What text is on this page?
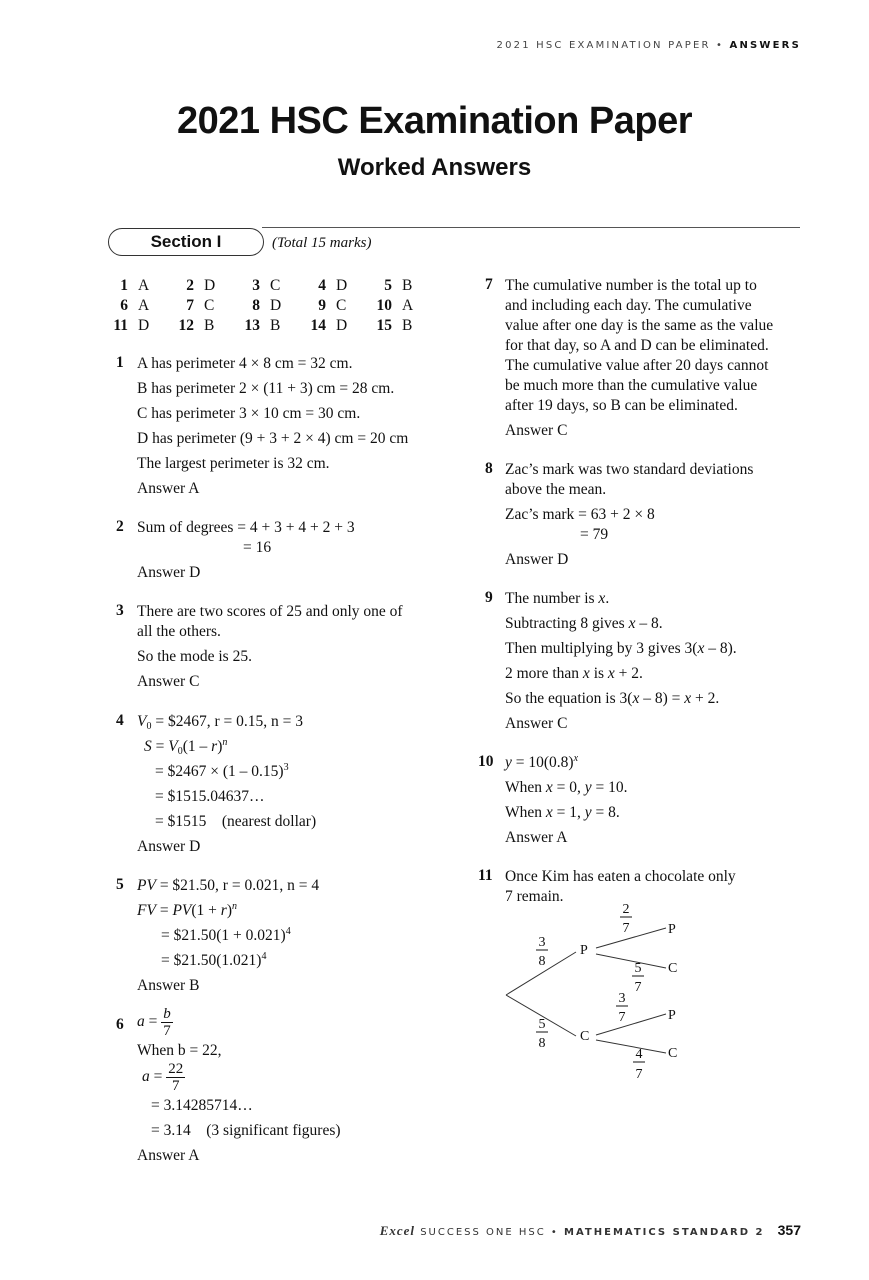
2021 HSC EXAMINATION PAPER • ANSWERS
2021 HSC Examination Paper
Worked Answers
Section I	(Total 15 marks)
1 A	2 D	3 C	4 D	5 B
6 A	7 C	8 D	9 C 10 A
11 D 12 B 13 B 14 D 15 B
1 A has perimeter 4 × 8 cm = 32 cm.

B has perimeter 2 × (11 + 3) cm = 28 cm.

C has perimeter 3 × 10 cm = 30 cm.

D has perimeter (9 + 3 + 2 × 4) cm = 20 cm

The largest perimeter is 32 cm.

Answer A

2 Sum of degrees = 4 + 3 + 4 + 2 + 3

= 16

Answer D

3 There are two scores of 25 and only one of

all the others.

So the mode is 25.

Answer C

4 $V_0$ = $2467, r = 0.15, n = 3

$S = V_0(1 - r)^n$

= $2467 × (1 – 0.15)$^3$

= $1515.04637…

= $1515 (nearest dollar)

Answer D

5 PV = $21.50, r = 0.021, n = 4

FV = $PV(1 + r)^n$

= $21.50(1 + 0.021)$^4$

= $\$21.50(1.021)^4$

Answer B

6 $a = \frac{b}{7}$

When b = 22,

$a = \frac{22}{7}$

= 3.14285714…

= 3.14 (3 significant figures)

Answer A

7 The cumulative number is the total up to

and including each day. The cumulative

value after one day is the same as the value

for that day, so A and D can be eliminated.

The cumulative value after 20 days cannot

be much more than the cumulative value

after 19 days, so B can be eliminated.

Answer C

8 Zac’s mark was two standard deviations

above the mean.

Zac’s mark = 63 + 2 × 8

= 79

Answer D

9 The number is x.

Subtracting 8 gives x – 8.

Then multiplying by 3 gives 3(x – 8).

2 more than x is x + 2.

So the equation is 3(x – 8) = x + 2.

Answer C

10 $y = 10(0.8)^x$

When x = 0, y = 10.

When x = 1, y = 8.

Answer A

11 Once Kim has eaten a chocolate only

7 remain.

P
C
P
C
P
C
3
8
5
8
2
7
5
7
3
7
4
7
Excel SUCCESS ONE HSC • MATHEMATICS STANDARD 2 357
